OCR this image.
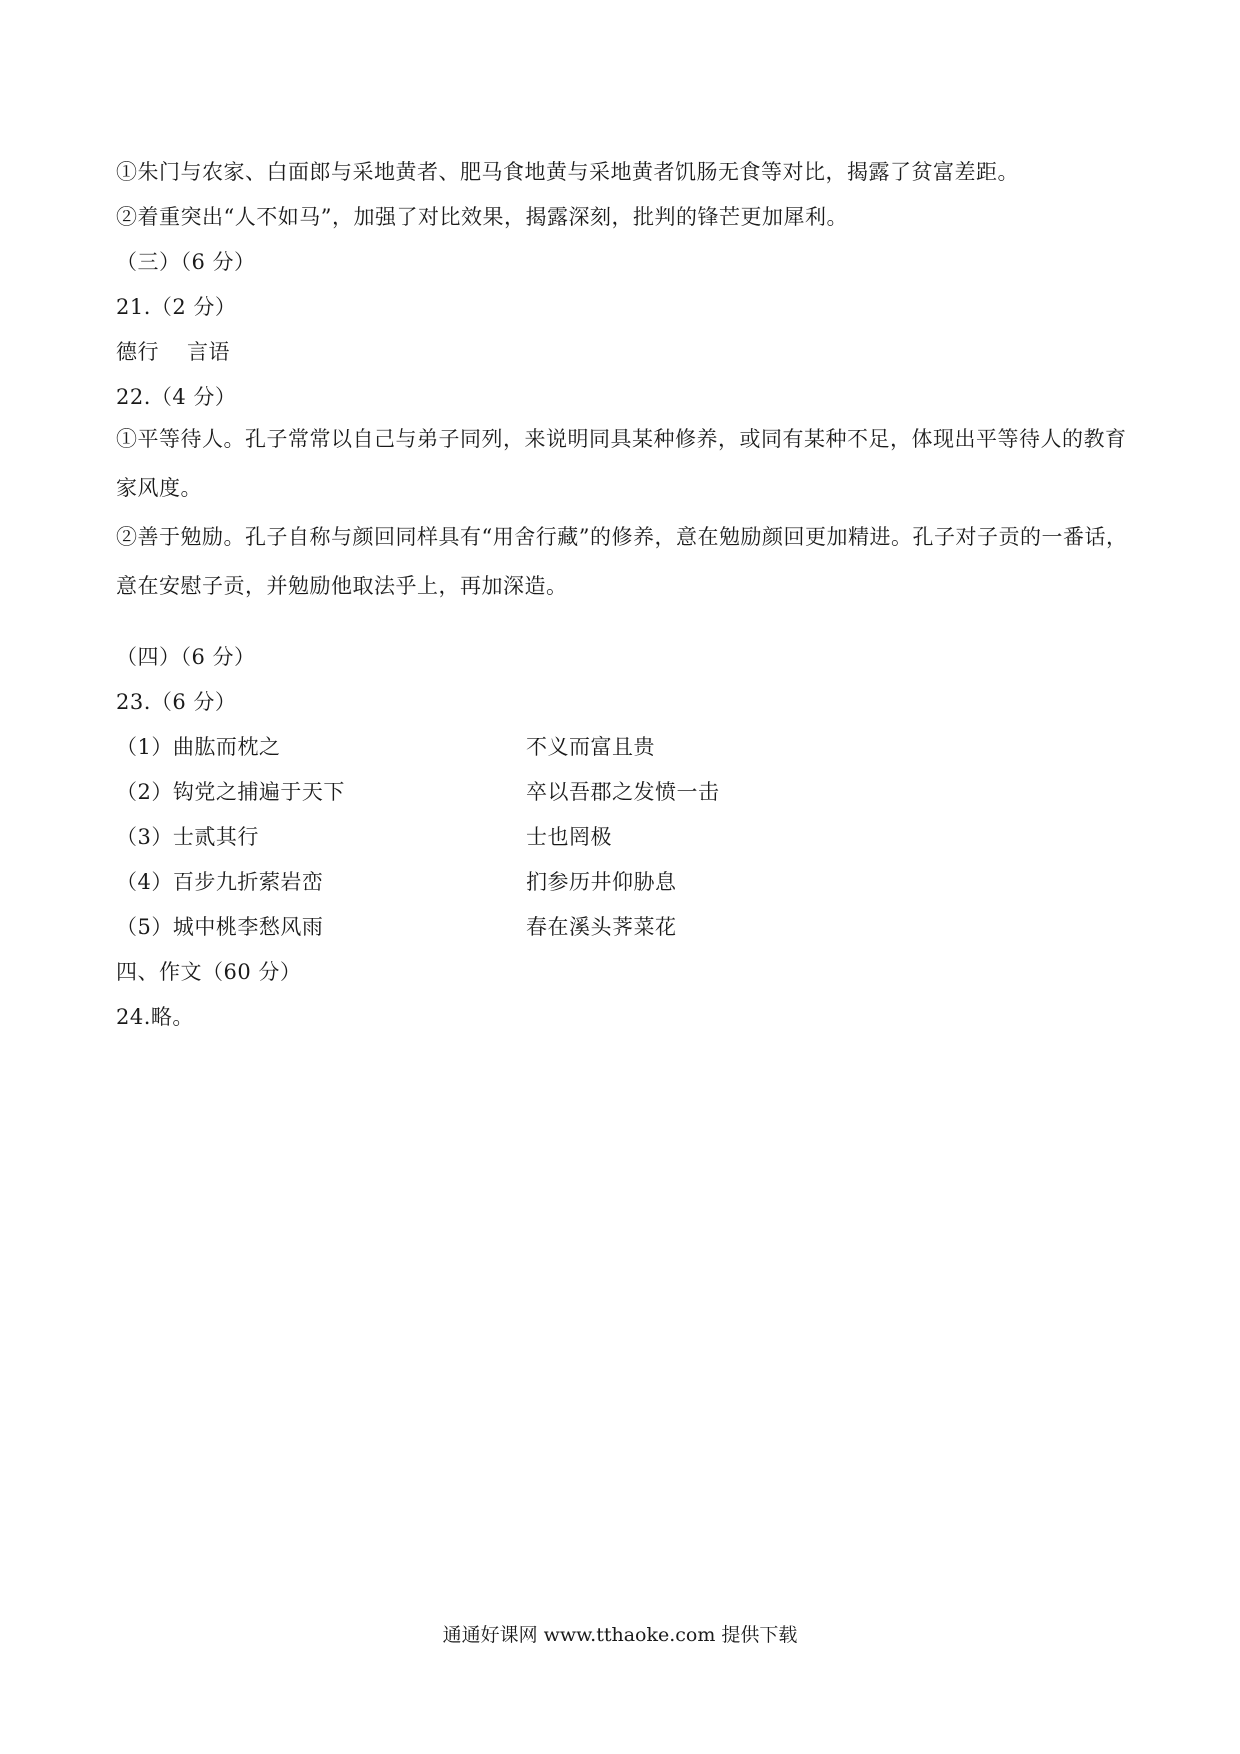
①朱门与农家、白面郎与采地黄者、肥马食地黄与采地黄者饥肠无食等对比，揭露了贫富差距。
②着重突出“人不如马”，加强了对比效果，揭露深刻，批判的锋芒更加犀利。
（三）（6 分）
21.（2 分）
德行 言语
22.（4 分）
①平等待人。孔子常常以自己与弟子同列，来说明同具某种修养，或同有某种不足，体现出平等待人的教育家风度。
②善于勉励。孔子自称与颜回同样具有“用舍行藏”的修养，意在勉励颜回更加精进。孔子对子贡的一番话，意在安慰子贡，并勉励他取法乎上，再加深造。
（四）（6 分）
23.（6 分）
（1）曲肱而枕之	不义而富且贵
（2）钩党之捕遍于天下	卒以吾郡之发愤一击
（3）士贰其行	士也罔极
（4）百步九折萦岩峦	扪参历井仰胁息
（5）城中桃李愁风雨	春在溪头荠菜花
四、作文（60 分）
24.略。
通通好课网 www.tthaoke.com 提供下载
